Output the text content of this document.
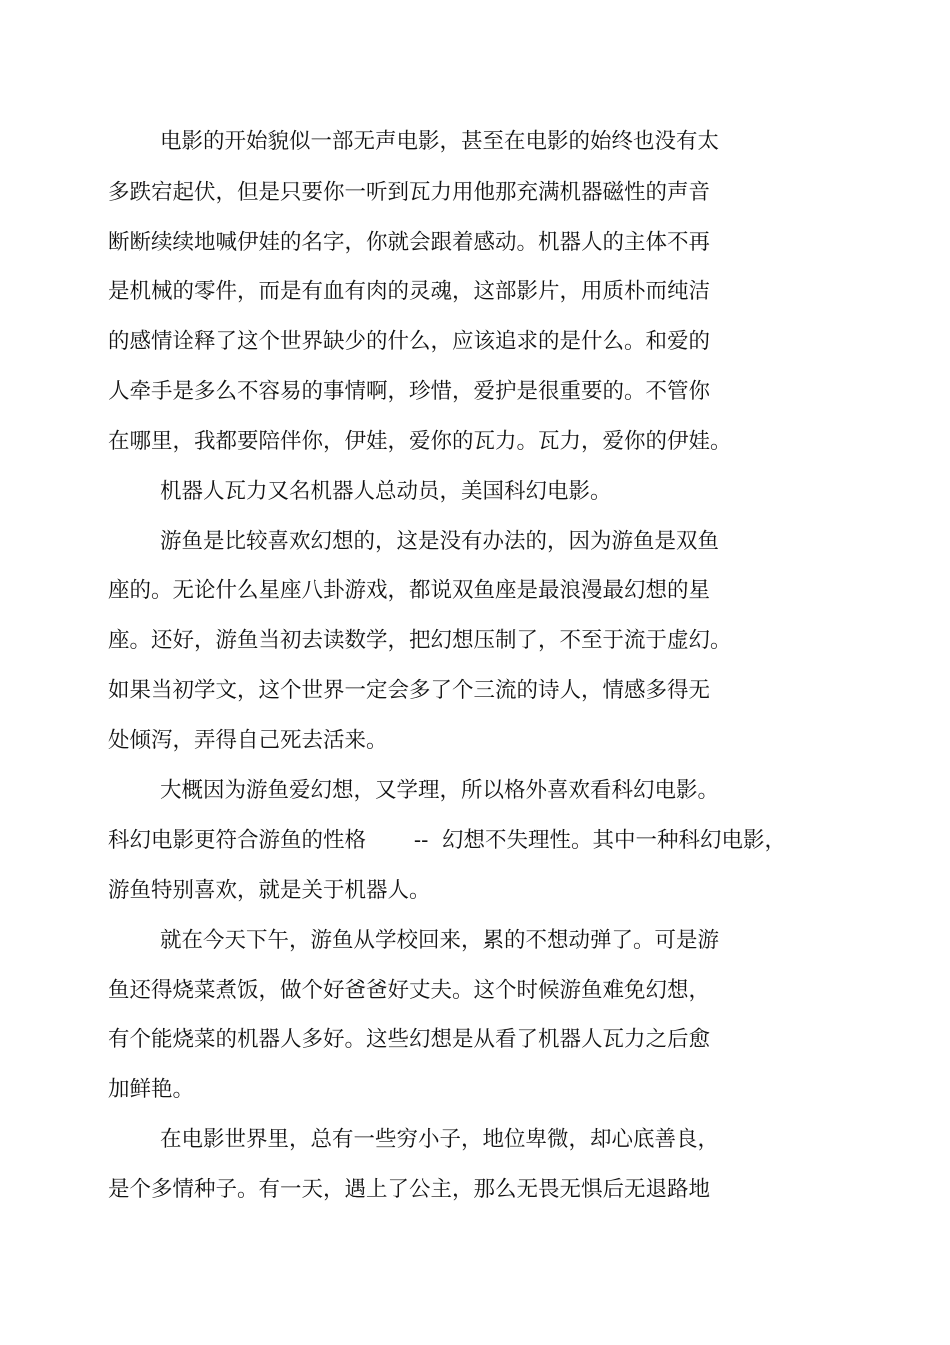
电影的开始貌似一部无声电影，甚至在电影的始终也没有太
多跌宕起伏，但是只要你一听到瓦力用他那充满机器磁性的声音
断断续续地喊伊娃的名字，你就会跟着感动。机器人的主体不再
是机械的零件，而是有血有肉的灵魂，这部影片，用质朴而纯洁
的感情诠释了这个世界缺少的什么，应该追求的是什么。和爱的
人牵手是多么不容易的事情啊，珍惜，爱护是很重要的。不管你
在哪里，我都要陪伴你，伊娃，爱你的瓦力。瓦力，爱你的伊娃。
机器人瓦力又名机器人总动员，美国科幻电影。
游鱼是比较喜欢幻想的，这是没有办法的，因为游鱼是双鱼
座的。无论什么星座八卦游戏，都说双鱼座是最浪漫最幻想的星
座。还好，游鱼当初去读数学，把幻想压制了，不至于流于虚幻。
如果当初学文，这个世界一定会多了个三流的诗人，情感多得无
处倾泻，弄得自己死去活来。
大概因为游鱼爱幻想，又学理，所以格外喜欢看科幻电影。
科幻电影更符合游鱼的性格       --  幻想不失理性。其中一种科幻电影，
游鱼特别喜欢，就是关于机器人。
就在今天下午，游鱼从学校回来，累的不想动弹了。可是游
鱼还得烧菜煮饭，做个好爸爸好丈夫。这个时候游鱼难免幻想，
有个能烧菜的机器人多好。这些幻想是从看了机器人瓦力之后愈
加鲜艳。
在电影世界里，总有一些穷小子，地位卑微，却心底善良，
是个多情种子。有一天，遇上了公主，那么无畏无惧后无退路地
